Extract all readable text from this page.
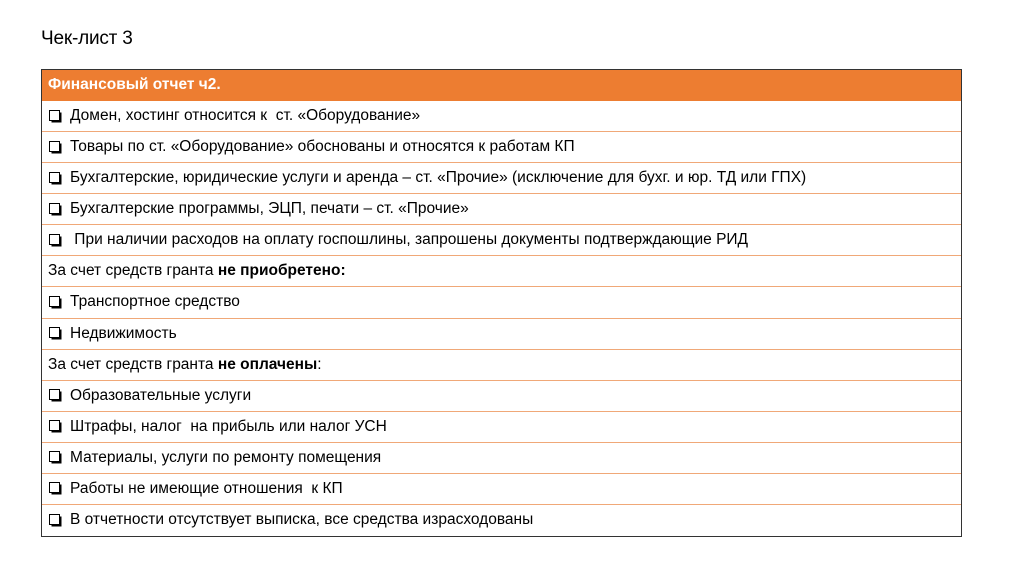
Чек-лист 3
Финансовый отчет ч2.
Домен, хостинг относится к  ст. «Оборудование»
Товары по ст. «Оборудование» обоснованы и относятся к работам КП
Бухгалтерские, юридические услуги и аренда – ст. «Прочие» (исключение для бухг. и юр. ТД или ГПХ)
Бухгалтерские программы, ЭЦП, печати – ст. «Прочие»
При наличии расходов на оплату госпошлины, запрошены документы подтверждающие РИД
За счет средств гранта не приобретено:
Транспортное средство
Недвижимость
За счет средств гранта не оплачены :
Образовательные услуги
Штрафы, налог  на прибыль или налог УСН
Материалы, услуги по ремонту помещения
Работы не имеющие отношения  к КП
В отчетности отсутствует выписка, все средства израсходованы
